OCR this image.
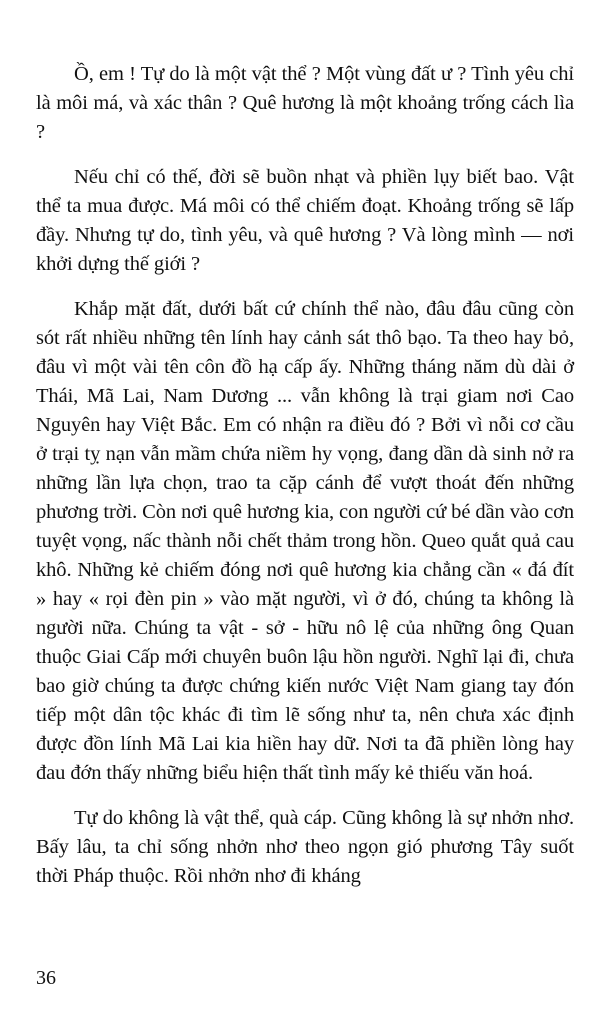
Ồ, em ! Tự do là một vật thể ? Một vùng đất ư ? Tình yêu chỉ là môi má, và xác thân ? Quê hương là một khoảng trống cách lìa ?

Nếu chỉ có thế, đời sẽ buồn nhạt và phiền lụy biết bao. Vật thể ta mua được. Má môi có thể chiếm đoạt. Khoảng trống sẽ lấp đầy. Nhưng tự do, tình yêu, và quê hương ? Và lòng mình — nơi khởi dựng thế giới ?

Khắp mặt đất, dưới bất cứ chính thể nào, đâu đâu cũng còn sót rất nhiều những tên lính hay cảnh sát thô bạo. Ta theo hay bỏ, đâu vì một vài tên côn đồ hạ cấp ấy. Những tháng năm dù dài ở Thái, Mã Lai, Nam Dương ... vẫn không là trại giam nơi Cao Nguyên hay Việt Bắc. Em có nhận ra điều đó ? Bởi vì nỗi cơ cầu ở trại tỵ nạn vẫn mầm chứa niềm hy vọng, đang dần dà sinh nở ra những lần lựa chọn, trao ta cặp cánh để vượt thoát đến những phương trời. Còn nơi quê hương kia, con người cứ bé dần vào cơn tuyệt vọng, nấc thành nỗi chết thảm trong hồn. Queo quắt quả cau khô. Những kẻ chiếm đóng nơi quê hương kia chẳng cần « đá đít » hay « rọi đèn pin » vào mặt người, vì ở đó, chúng ta không là người nữa. Chúng ta vật - sở - hữu nô lệ của những ông Quan thuộc Giai Cấp mới chuyên buôn lậu hồn người. Nghĩ lại đi, chưa bao giờ chúng ta được chứng kiến nước Việt Nam giang tay đón tiếp một dân tộc khác đi tìm lẽ sống như ta, nên chưa xác định được đồn lính Mã Lai kia hiền hay dữ. Nơi ta đã phiền lòng hay đau đớn thấy những biểu hiện thất tình mấy kẻ thiếu văn hoá.

Tự do không là vật thể, quà cáp. Cũng không là sự nhởn nhơ. Bấy lâu, ta chỉ sống nhởn nhơ theo ngọn gió phương Tây suốt thời Pháp thuộc. Rồi nhởn nhơ đi kháng

36
